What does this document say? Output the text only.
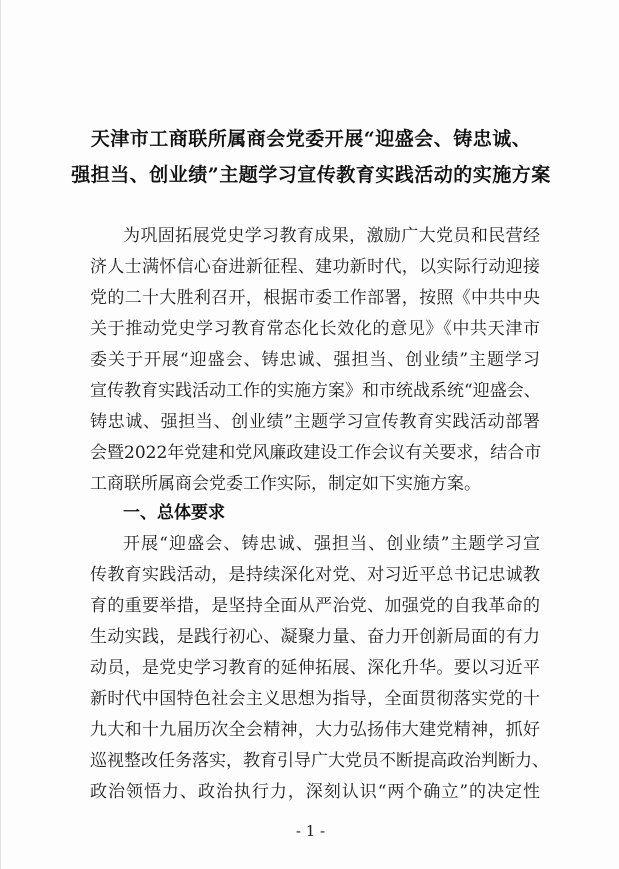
天津市工商联所属商会党委开展“迎盛会、铸忠诚、
强担当、创业绩”主题学习宣传教育实践活动的实施方案
为巩固拓展党史学习教育成果，激励广大党员和民营经
济人士满怀信心奋进新征程、建功新时代，以实际行动迎接
党的二十大胜利召开，根据市委工作部署，按照《中共中央
关于推动党史学习教育常态化长效化的意见》《中共天津市
委关于开展“迎盛会、铸忠诚、强担当、创业绩”主题学习
宣传教育实践活动工作的实施方案》和市统战系统“迎盛会、
铸忠诚、强担当、创业绩”主题学习宣传教育实践活动部署
会暨2022年党建和党风廉政建设工作会议有关要求，结合市
工商联所属商会党委工作实际，制定如下实施方案。
一、总体要求
开展“迎盛会、铸忠诚、强担当、创业绩”主题学习宣
传教育实践活动，是持续深化对党、对习近平总书记忠诚教
育的重要举措，是坚持全面从严治党、加强党的自我革命的
生动实践，是践行初心、凝聚力量、奋力开创新局面的有力
动员，是党史学习教育的延伸拓展、深化升华。要以习近平
新时代中国特色社会主义思想为指导，全面贯彻落实党的十
九大和十九届历次全会精神，大力弘扬伟大建党精神，抓好
巡视整改任务落实，教育引导广大党员不断提高政治判断力、
政治领悟力、政治执行力，深刻认识“两个确立”的决定性
- 1 -
